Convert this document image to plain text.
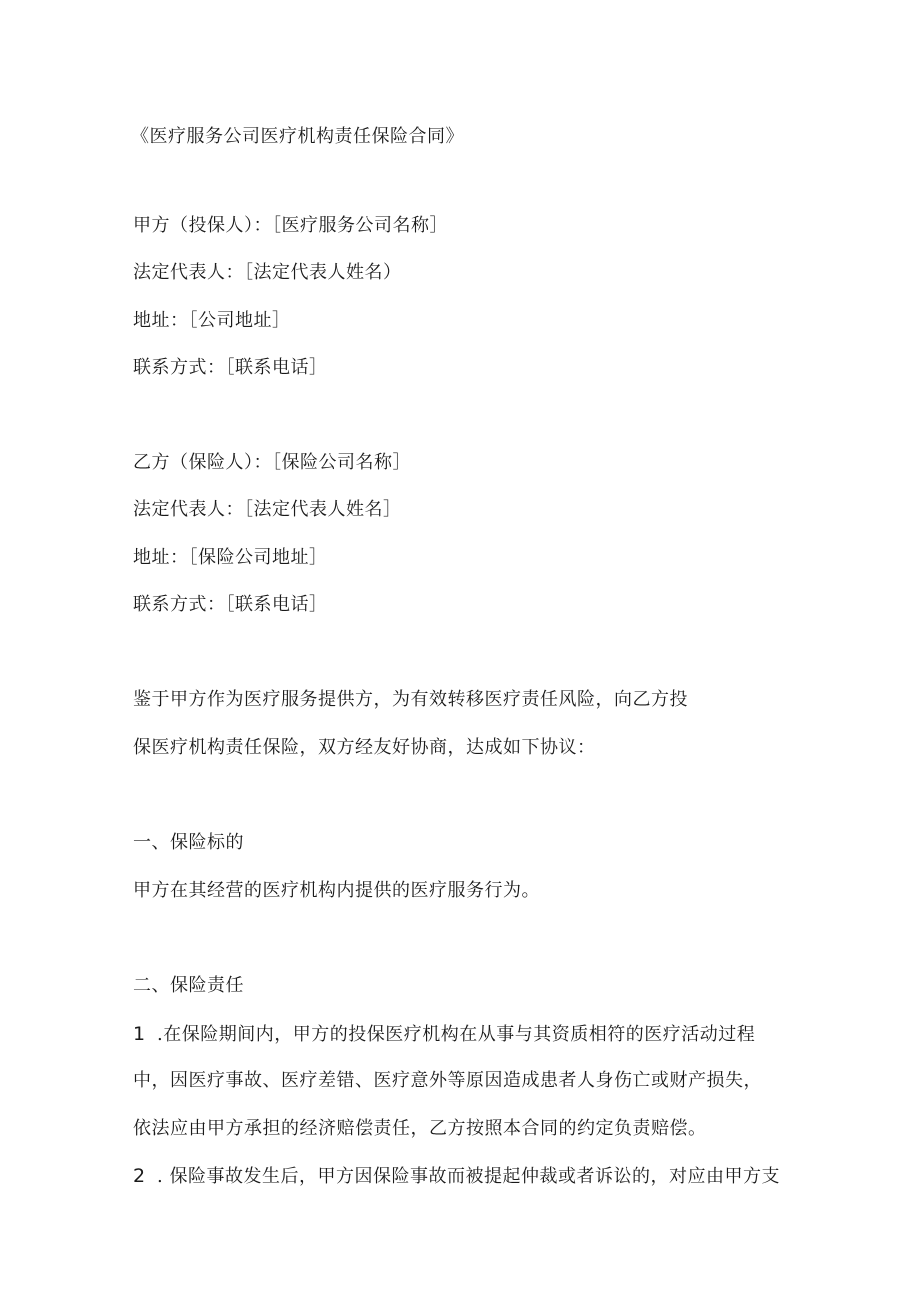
《医疗服务公司医疗机构责任保险合同》
甲方（投保人）：［医疗服务公司名称］
法定代表人：［法定代表人姓名）
地址：［公司地址］
联系方式：［联系电话］
乙方（保险人）：［保险公司名称］
法定代表人：［法定代表人姓名］
地址：［保险公司地址］
联系方式：［联系电话］
鉴于甲方作为医疗服务提供方，为有效转移医疗责任风险，向乙方投
保医疗机构责任保险，双方经友好协商，达成如下协议：
一、保险标的
甲方在其经营的医疗机构内提供的医疗服务行为。
二、保险责任
1 .在保险期间内，甲方的投保医疗机构在从事与其资质相符的医疗活动过程
中，因医疗事故、医疗差错、医疗意外等原因造成患者人身伤亡或财产损失，
依法应由甲方承担的经济赔偿责任，乙方按照本合同的约定负责赔偿。
2 . 保险事故发生后，甲方因保险事故而被提起仲裁或者诉讼的，对应由甲方支
